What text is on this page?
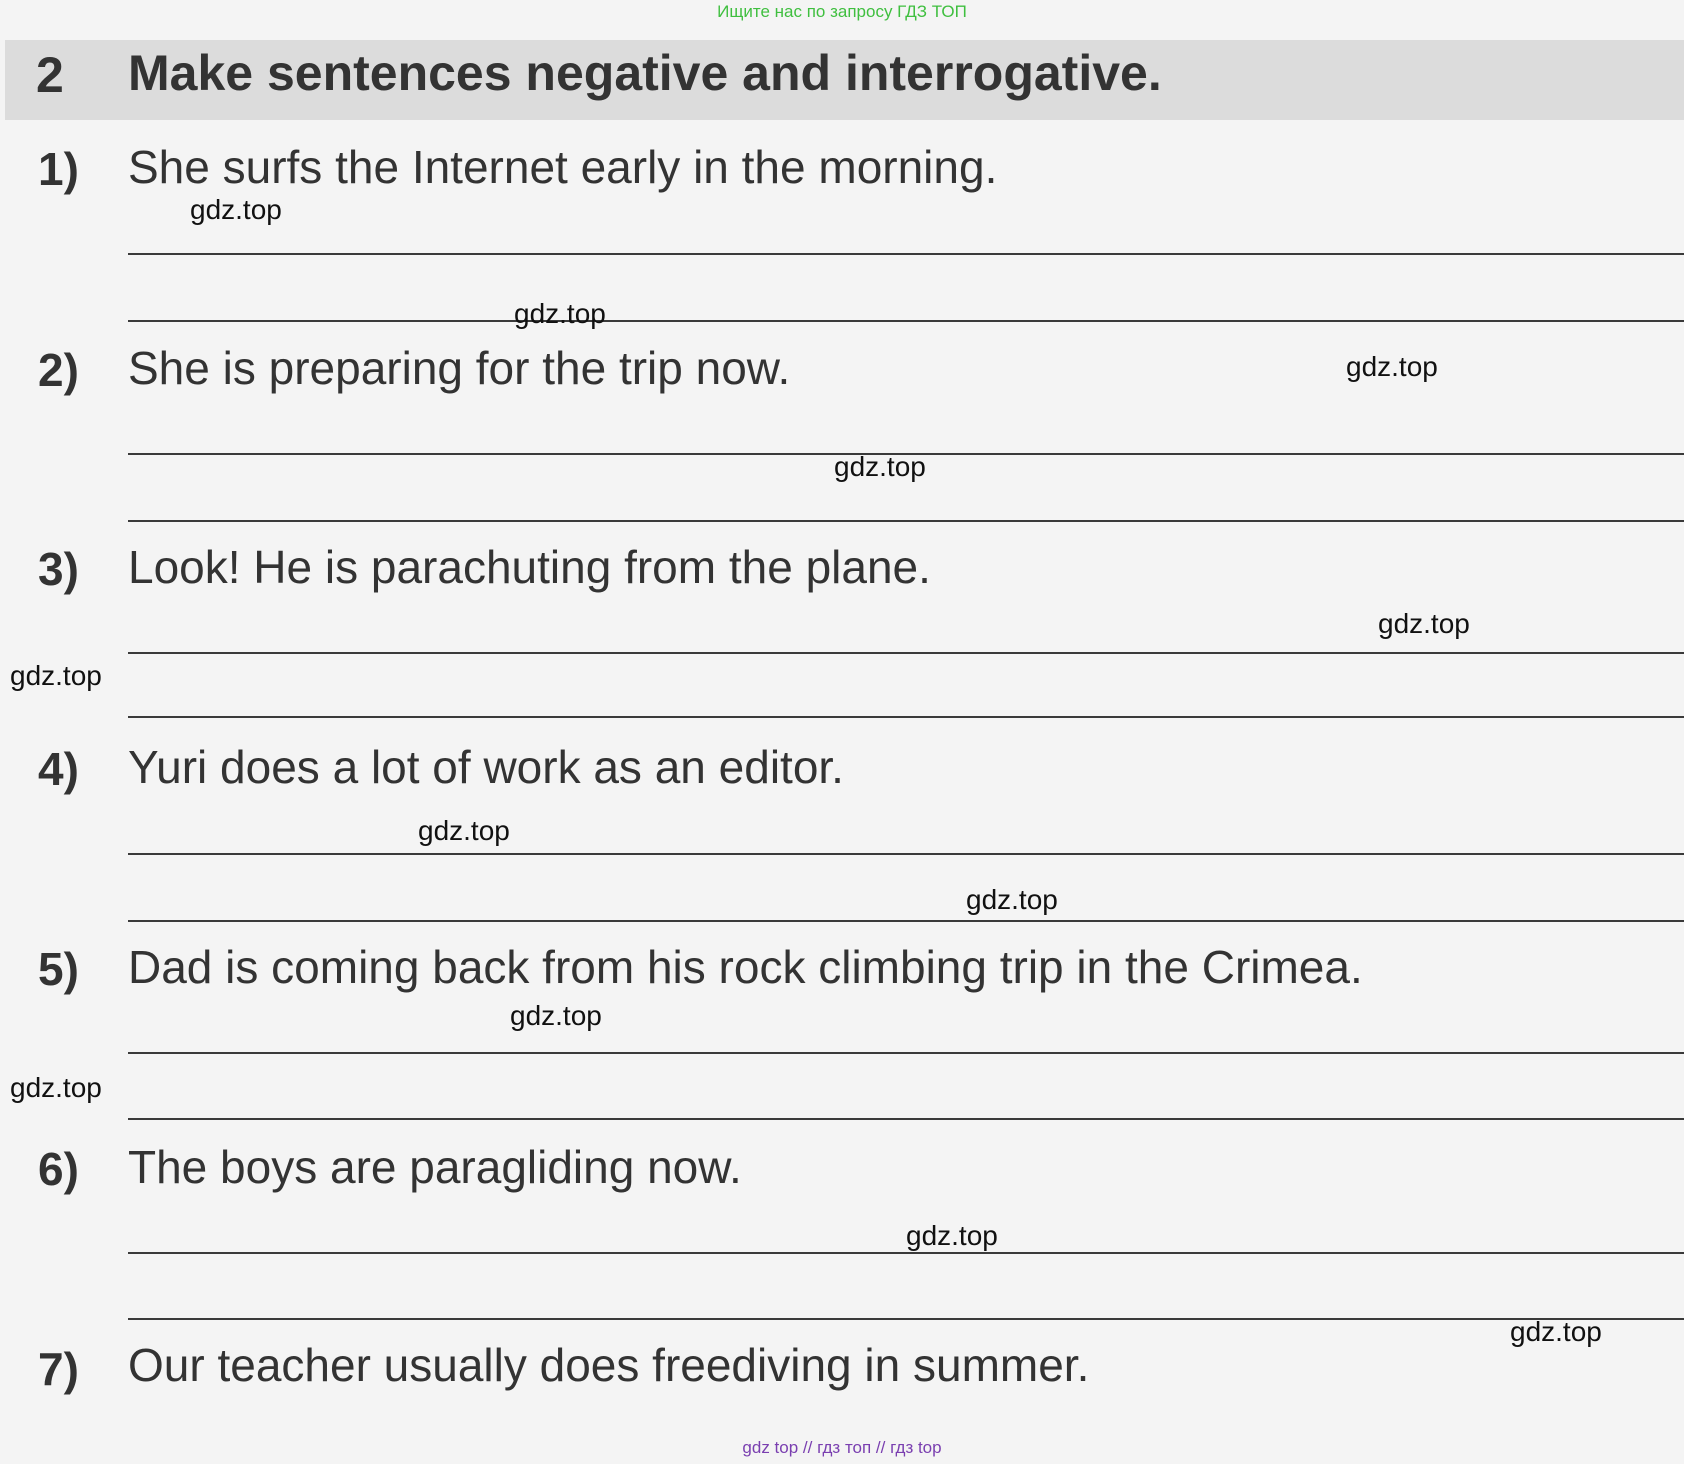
Ищите нас по запросу ГДЗ ТОП
2 Make sentences negative and interrogative.
1) She surfs the Internet early in the morning.
2) She is preparing for the trip now.
3) Look! He is parachuting from the plane.
4) Yuri does a lot of work as an editor.
5) Dad is coming back from his rock climbing trip in the Crimea.
6) The boys are paragliding now.
7) Our teacher usually does freediving in summer.
gdz.top
gdz.top
gdz.top
gdz.top
gdz.top
gdz.top
gdz.top
gdz.top
gdz.top
gdz.top
gdz.top
gdz.top
gdz top // гдз топ // гдз top
